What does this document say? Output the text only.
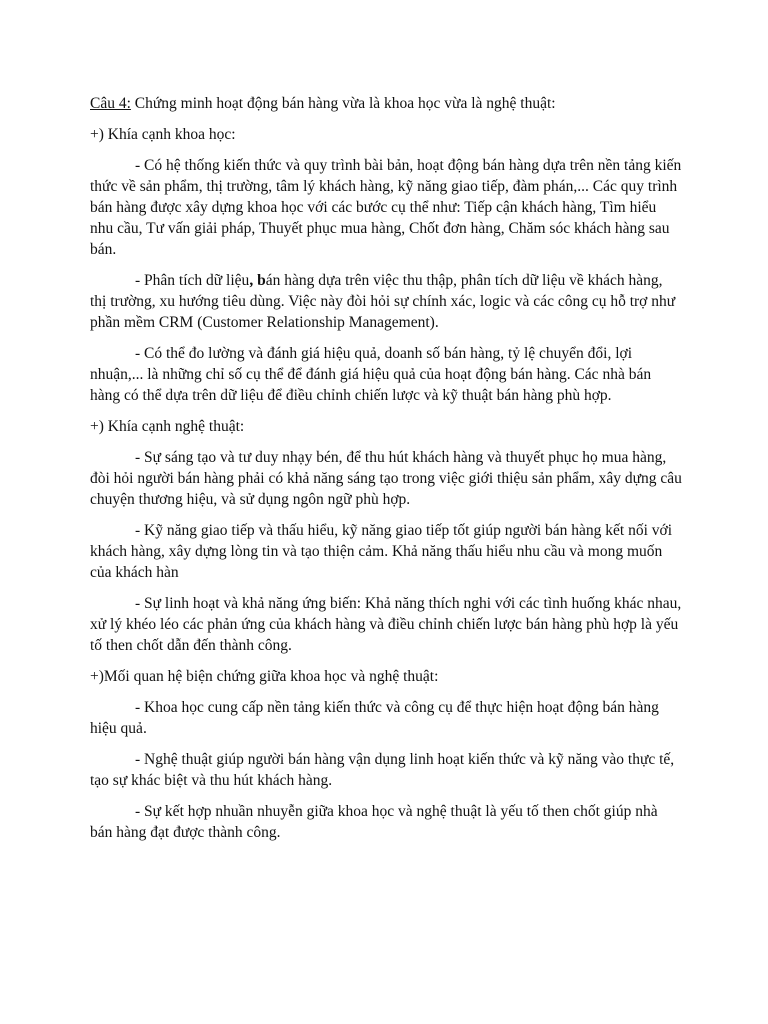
Câu 4: Chứng minh hoạt động bán hàng vừa là khoa học vừa là nghệ thuật:

+) Khía cạnh khoa học:

- Có hệ thống kiến thức và quy trình bài bản, hoạt động bán hàng dựa trên nền tảng kiến thức về sản phẩm, thị trường, tâm lý khách hàng, kỹ năng giao tiếp, đàm phán,... Các quy trình bán hàng được xây dựng khoa học với các bước cụ thể như: Tiếp cận khách hàng, Tìm hiểu nhu cầu, Tư vấn giải pháp, Thuyết phục mua hàng, Chốt đơn hàng, Chăm sóc khách hàng sau bán.

- Phân tích dữ liệu, bán hàng dựa trên việc thu thập, phân tích dữ liệu về khách hàng, thị trường, xu hướng tiêu dùng. Việc này đòi hỏi sự chính xác, logic và các công cụ hỗ trợ như phần mềm CRM (Customer Relationship Management).

- Có thể đo lường và đánh giá hiệu quả, doanh số bán hàng, tỷ lệ chuyển đổi, lợi nhuận,... là những chỉ số cụ thể để đánh giá hiệu quả của hoạt động bán hàng. Các nhà bán hàng có thể dựa trên dữ liệu để điều chỉnh chiến lược và kỹ thuật bán hàng phù hợp.

+) Khía cạnh nghệ thuật:

- Sự sáng tạo và tư duy nhạy bén, để thu hút khách hàng và thuyết phục họ mua hàng, đòi hỏi người bán hàng phải có khả năng sáng tạo trong việc giới thiệu sản phẩm, xây dựng câu chuyện thương hiệu, và sử dụng ngôn ngữ phù hợp.

- Kỹ năng giao tiếp và thấu hiểu, kỹ năng giao tiếp tốt giúp người bán hàng kết nối với khách hàng, xây dựng lòng tin và tạo thiện cảm. Khả năng thấu hiểu nhu cầu và mong muốn của khách hàn

- Sự linh hoạt và khả năng ứng biến: Khả năng thích nghi với các tình huống khác nhau, xử lý khéo léo các phản ứng của khách hàng và điều chỉnh chiến lược bán hàng phù hợp là yếu tố then chốt dẫn đến thành công.

+)Mối quan hệ biện chứng giữa khoa học và nghệ thuật:

- Khoa học cung cấp nền tảng kiến thức và công cụ để thực hiện hoạt động bán hàng hiệu quả.

- Nghệ thuật giúp người bán hàng vận dụng linh hoạt kiến thức và kỹ năng vào thực tế, tạo sự khác biệt và thu hút khách hàng.

- Sự kết hợp nhuần nhuyễn giữa khoa học và nghệ thuật là yếu tố then chốt giúp nhà bán hàng đạt được thành công.
